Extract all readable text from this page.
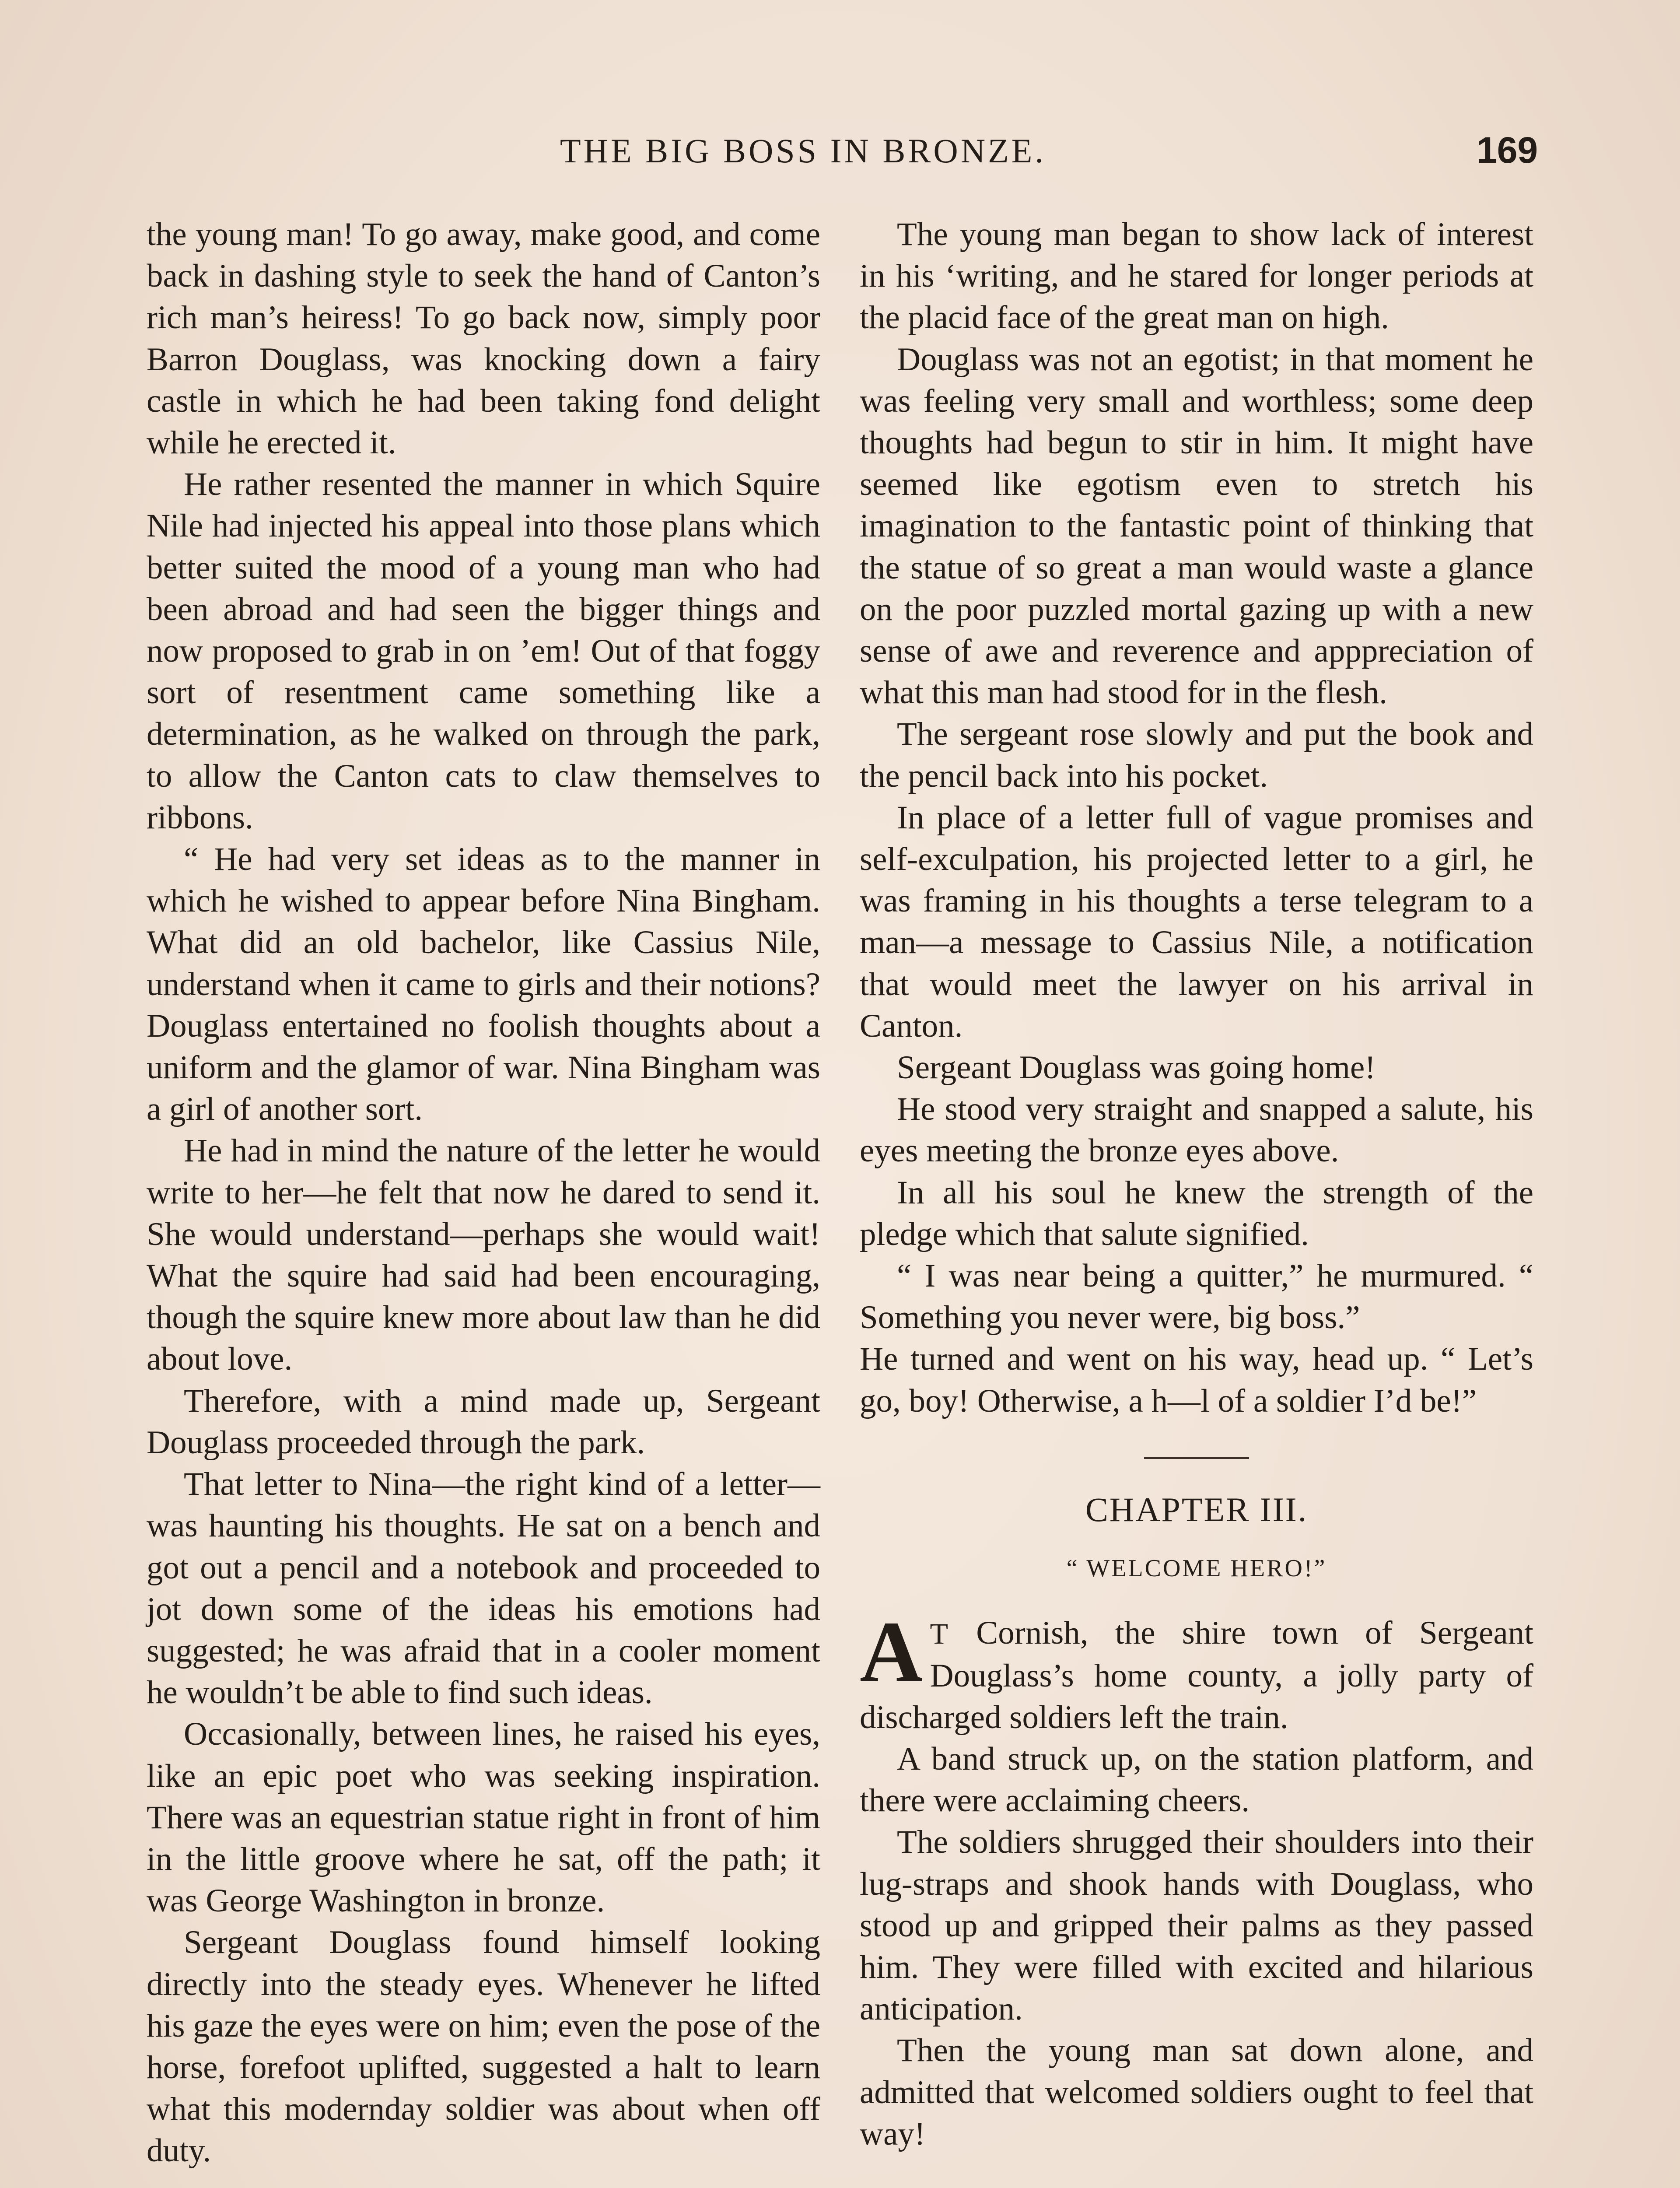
THE BIG BOSS IN BRONZE.	169

the young man! To go away, make good, and come back in dashing style to seek the hand of Canton’s rich man’s heiress! To go back now, simply poor Barron Douglass, was knocking down a fairy castle in which he had been taking fond delight while he erected it.

He rather resented the manner in which Squire Nile had injected his appeal into those plans which better suited the mood of a young man who had been abroad and had seen the bigger things and now proposed to grab in on ’em! Out of that foggy sort of resentment came something like a determination, as he walked on through the park, to allow the Canton cats to claw themselves to ribbons.

“ He had very set ideas as to the manner in which he wished to appear before Nina Bingham. What did an old bachelor, like Cassius Nile, understand when it came to girls and their notions? Douglass entertained no foolish thoughts about a uniform and the glamor of war. Nina Bingham was a girl of another sort.

He had in mind the nature of the letter he would write to her—he felt that now he dared to send it. She would understand—perhaps she would wait! What the squire had said had been encouraging, though the squire knew more about law than he did about love.

Therefore, with a mind made up, Sergeant Douglass proceeded through the park.

That letter to Nina—the right kind of a letter—was haunting his thoughts. He sat on a bench and got out a pencil and a notebook and proceeded to jot down some of the ideas his emotions had suggested; he was afraid that in a cooler moment he wouldn’t be able to find such ideas.

Occasionally, between lines, he raised his eyes, like an epic poet who was seeking inspiration. There was an equestrian statue right in front of him in the little groove where he sat, off the path; it was George Washington in bronze.

Sergeant Douglass found himself looking directly into the steady eyes. Whenever he lifted his gaze the eyes were on him; even the pose of the horse, forefoot uplifted, suggested a halt to learn what this modernday soldier was about when off duty.

The young man began to show lack of interest in his ‘writing, and he stared for longer periods at the placid face of the great man on high.

Douglass was not an egotist; in that moment he was feeling very small and worthless; some deep thoughts had begun to stir in him. It might have seemed like egotism even to stretch his imagination to the fantastic point of thinking that the statue of so great a man would waste a glance on the poor puzzled mortal gazing up with a new sense of awe and reverence and apppreciation of what this man had stood for in the flesh.

The sergeant rose slowly and put the book and the pencil back into his pocket.

In place of a letter full of vague promises and self-exculpation, his projected letter to a girl, he was framing in his thoughts a terse telegram to a man—a message to Cassius Nile, a notification that would meet the lawyer on his arrival in Canton.

Sergeant Douglass was going home!

He stood very straight and snapped a salute, his eyes meeting the bronze eyes above.

In all his soul he knew the strength of the pledge which that salute signified.

“ I was near being a quitter,” he murmured. “ Something you never were, big boss.”

He turned and went on his way, head up. “ Let’s go, boy! Otherwise, a h—l of a soldier I’d be!”

CHAPTER III.

“ WELCOME HERO!”

A T Cornish, the shire town of Sergeant Douglass’s home county, a jolly party of discharged soldiers left the train.

A band struck up, on the station platform, and there were acclaiming cheers.

The soldiers shrugged their shoulders into their lug-straps and shook hands with Douglass, who stood up and gripped their palms as they passed him. They were filled with excited and hilarious anticipation.

Then the young man sat down alone, and admitted that welcomed soldiers ought to feel that way!
